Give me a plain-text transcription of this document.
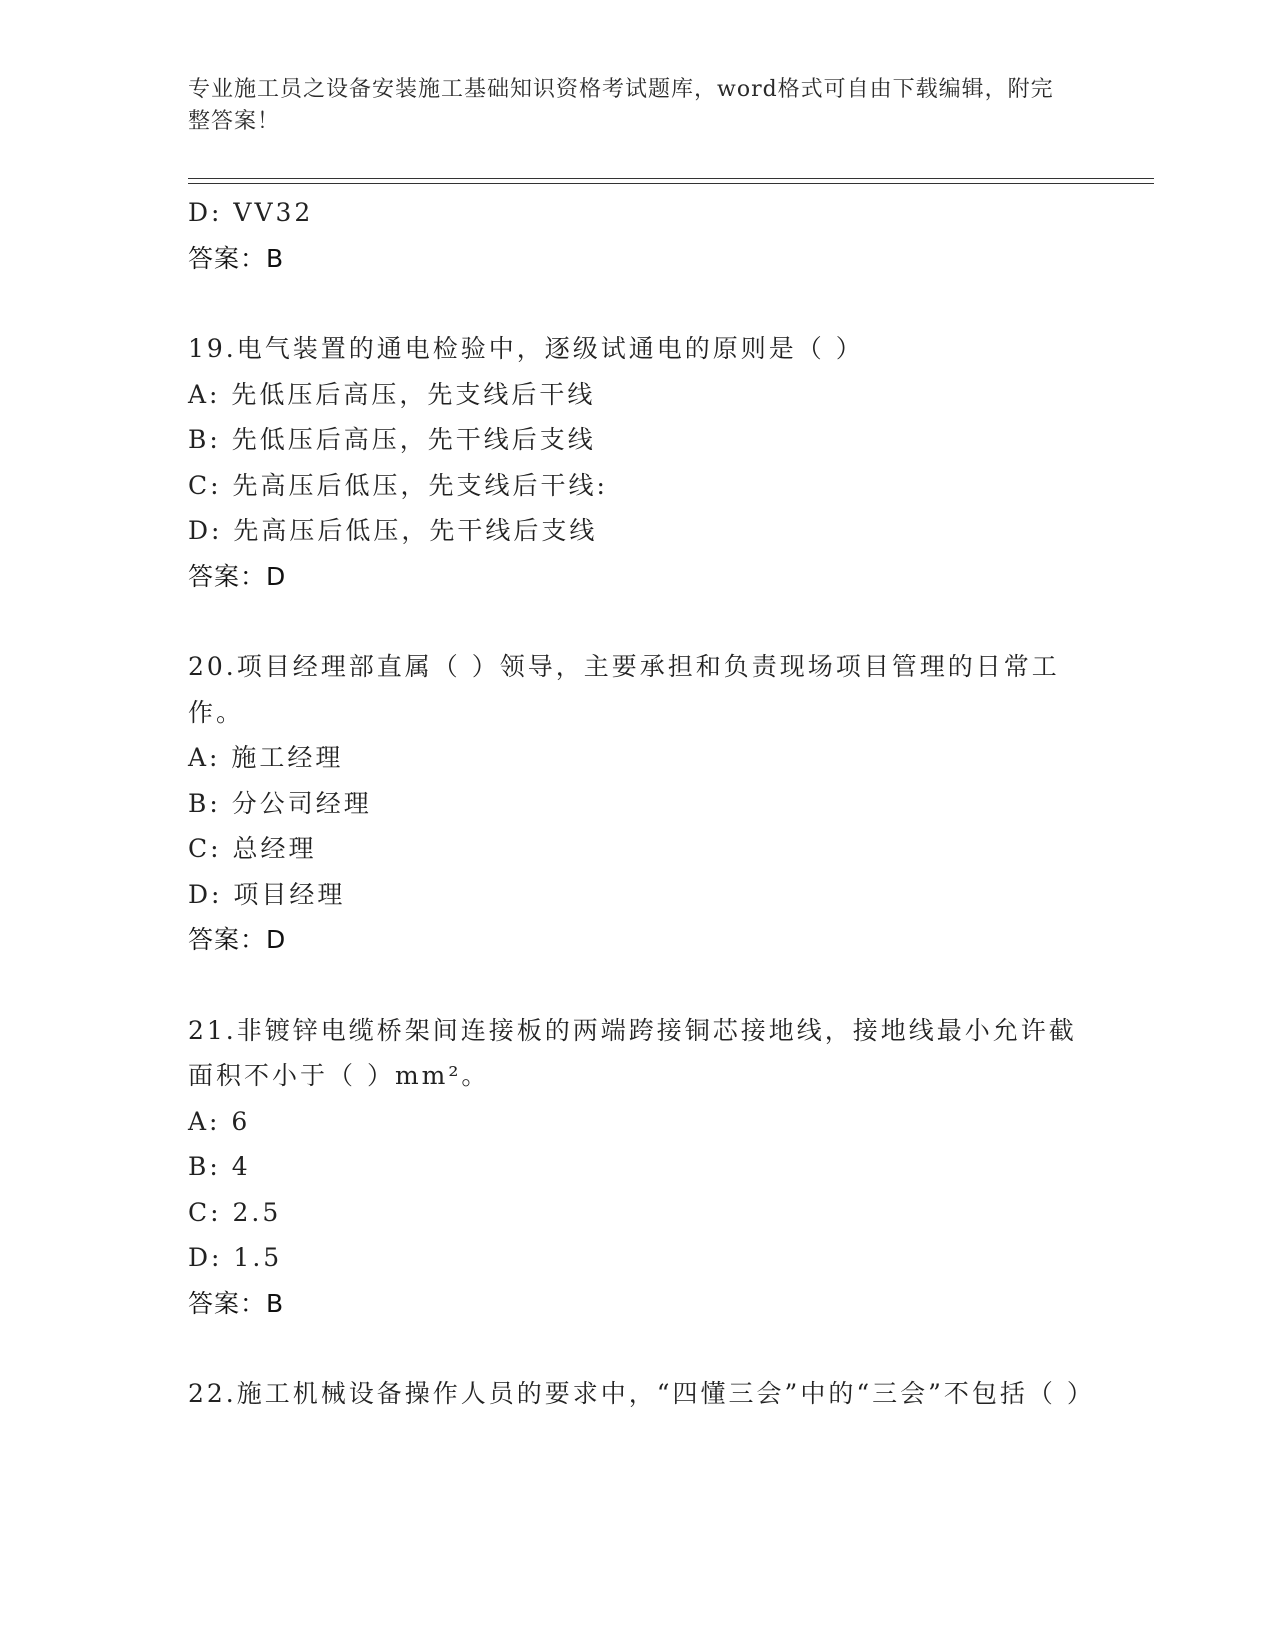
专业施工员之设备安装施工基础知识资格考试题库，word格式可自由下载编辑，附完整答案！
D: VV32
答案：B
19.电气装置的通电检验中，逐级试通电的原则是（ ）
A: 先低压后高压，先支线后干线
B: 先低压后高压，先干线后支线
C: 先高压后低压，先支线后干线:
D: 先高压后低压，先干线后支线
答案：D
20.项目经理部直属（ ）领导，主要承担和负责现场项目管理的日常工作。
A: 施工经理
B: 分公司经理
C: 总经理
D: 项目经理
答案：D
21.非镀锌电缆桥架间连接板的两端跨接铜芯接地线，接地线最小允许截面积不小于（ ）mm²。
A: 6
B: 4
C: 2.5
D: 1.5
答案：B
22.施工机械设备操作人员的要求中，“四懂三会”中的“三会”不包括（ ）
